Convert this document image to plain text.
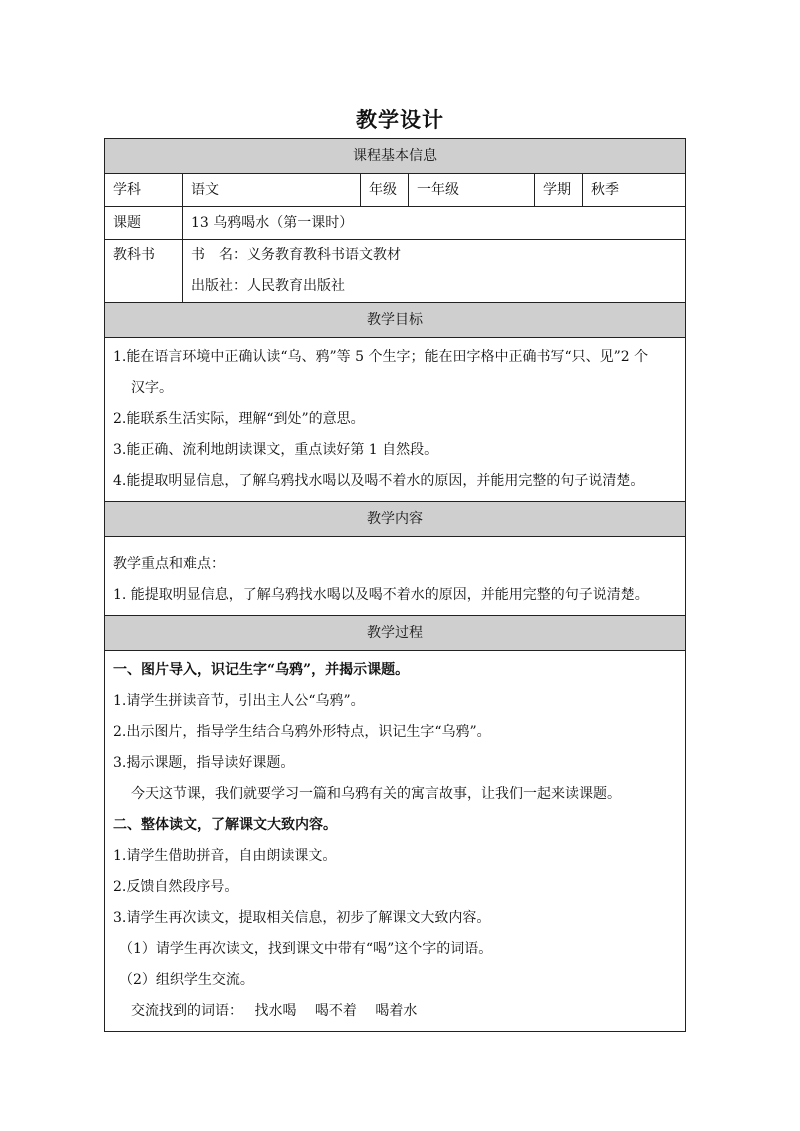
教学设计
课程基本信息
学科	语文	年级	一年级	学期	秋季
课题	13 乌鸦喝水（第一课时）
教科书	书　名：义务教育教科书语文教材
出版社：人民教育出版社
教学目标
1.能在语言环境中正确认读“乌、鸦”等 5 个生字；能在田字格中正确书写“只、见”2 个
汉字。
2.能联系生活实际，理解“到处”的意思。
3.能正确、流利地朗读课文，重点读好第 1 自然段。
4.能提取明显信息，了解乌鸦找水喝以及喝不着水的原因，并能用完整的句子说清楚。
教学内容
教学重点和难点：
1. 能提取明显信息，了解乌鸦找水喝以及喝不着水的原因，并能用完整的句子说清楚。
教学过程
一、图片导入，识记生字“乌鸦”，并揭示课题。
1.请学生拼读音节，引出主人公“乌鸦”。
2.出示图片，指导学生结合乌鸦外形特点，识记生字“乌鸦”。
3.揭示课题，指导读好课题。
今天这节课，我们就要学习一篇和乌鸦有关的寓言故事，让我们一起来读课题。
二、整体读文，了解课文大致内容。
1.请学生借助拼音，自由朗读课文。
2.反馈自然段序号。
3.请学生再次读文，提取相关信息，初步了解课文大致内容。
（1）请学生再次读文，找到课文中带有“喝”这个字的词语。
（2）组织学生交流。
交流找到的词语：　 找水喝　 喝不着　 喝着水
